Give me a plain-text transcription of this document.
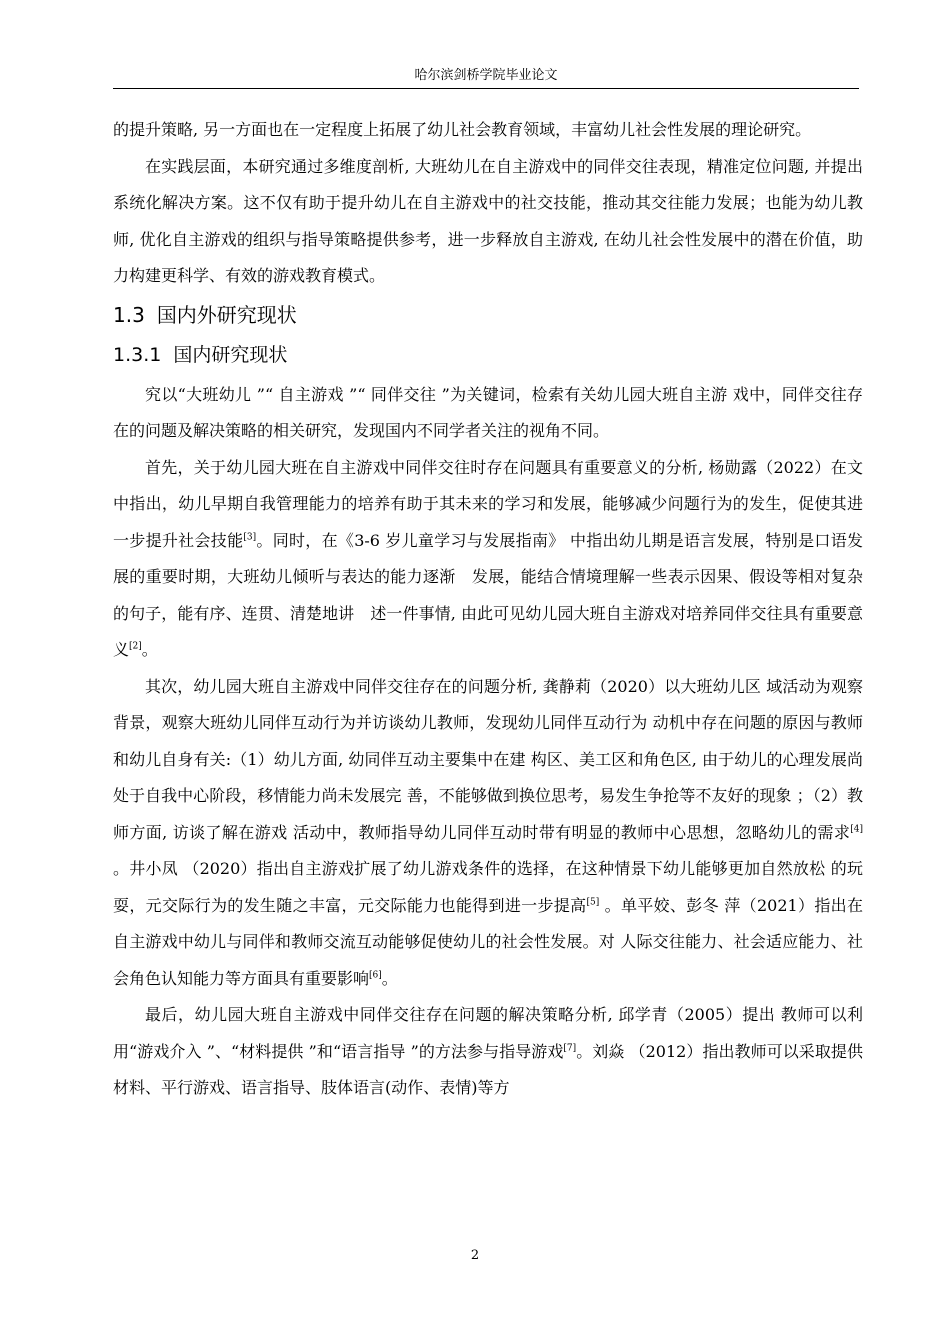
哈尔滨剑桥学院毕业论文

的提升策略, 另一方面也在一定程度上拓展了幼儿社会教育领域，丰富幼儿社会性发展的理论研究。

在实践层面，本研究通过多维度剖析, 大班幼儿在自主游戏中的同伴交往表现，精准定位问题, 并提出系统化解决方案。这不仅有助于提升幼儿在自主游戏中的社交技能，推动其交往能力发展；也能为幼儿教师, 优化自主游戏的组织与指导策略提供参考，进一步释放自主游戏, 在幼儿社会性发展中的潜在价值，助力构建更科学、有效的游戏教育模式。

1.3 国内外研究现状
1.3.1 国内研究现状

究以“大班幼儿 ”“ 自主游戏 ”“ 同伴交往 ”为关键词，检索有关幼儿园大班自主游 戏中，同伴交往存在的问题及解决策略的相关研究，发现国内不同学者关注的视角不同。

首先，关于幼儿园大班在自主游戏中同伴交往时存在问题具有重要意义的分析, 杨勋露（2022）在文中指出，幼儿早期自我管理能力的培养有助于其未来的学习和发展，能够减少问题行为的发生，促使其进一步提升社会技能[3]。同时，在《3-6 岁儿童学习与发展指南》 中指出幼儿期是语言发展，特别是口语发展的重要时期，大班幼儿倾听与表达的能力逐渐　发展，能结合情境理解一些表示因果、假设等相对复杂的句子，能有序、连贯、清楚地讲　述一件事情, 由此可见幼儿园大班自主游戏对培养同伴交往具有重要意义[2]。

其次，幼儿园大班自主游戏中同伴交往存在的问题分析, 龚静莉（2020）以大班幼儿区 域活动为观察背景，观察大班幼儿同伴互动行为并访谈幼儿教师，发现幼儿同伴互动行为 动机中存在问题的原因与教师和幼儿自身有关:（1）幼儿方面, 幼同伴互动主要集中在建 构区、美工区和角色区, 由于幼儿的心理发展尚处于自我中心阶段，移情能力尚未发展完 善，不能够做到换位思考，易发生争抢等不友好的现象 ；（2）教师方面, 访谈了解在游戏 活动中，教师指导幼儿同伴互动时带有明显的教师中心思想，忽略幼儿的需求[4] 。井小凤 （2020）指出自主游戏扩展了幼儿游戏条件的选择，在这种情景下幼儿能够更加自然放松 的玩耍，元交际行为的发生随之丰富，元交际能力也能得到进一步提高[5] 。单平姣、彭冬 萍（2021）指出在自主游戏中幼儿与同伴和教师交流互动能够促使幼儿的社会性发展。对 人际交往能力、社会适应能力、社会角色认知能力等方面具有重要影响[6]。

最后，幼儿园大班自主游戏中同伴交往存在问题的解决策略分析, 邱学青（2005）提出 教师可以利用“游戏介入 ”、“材料提供 ”和“语言指导 ”的方法参与指导游戏[7]。刘焱 （2012）指出教师可以采取提供材料、平行游戏、语言指导、肢体语言(动作、表情)等方

2
